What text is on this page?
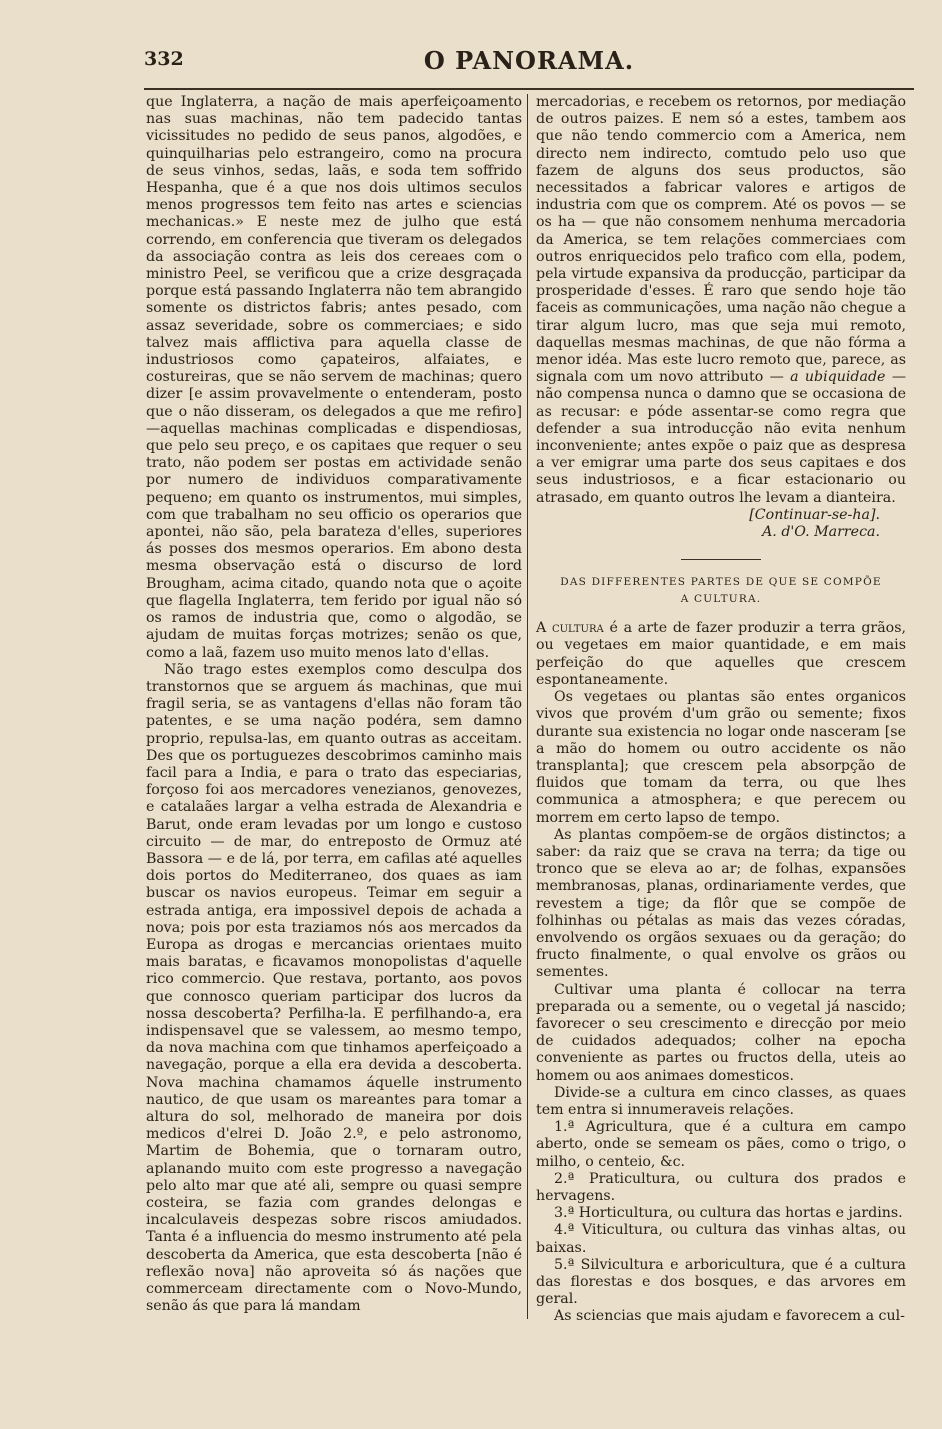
332	O PANORAMA.

que Inglaterra, a nação de mais aperfeiçoamento nas suas machinas, não tem padecido tantas vicissitudes no pedido de seus panos, algodões, e quinquilharias pelo estrangeiro, como na procura de seus vinhos, sedas, laãs, e soda tem soffrido Hespanha, que é a que nos dois ultimos seculos menos progressos tem feito nas artes e sciencias mechanicas.» E neste mez de julho que está correndo, em conferencia que tiveram os delegados da associação contra as leis dos cereaes com o ministro Peel, se verificou que a crize desgraçada porque está passando Inglaterra não tem abrangido somente os districtos fabris; antes pesado, com assaz severidade, sobre os commerciaes; e sido talvez mais afflictiva para aquella classe de industriosos como çapateiros, alfaiates, e costureiras, que se não servem de machinas; quero dizer [e assim provavelmente o entenderam, posto que o não disseram, os delegados a que me refiro]—aquellas machinas complicadas e dispendiosas, que pelo seu preço, e os capitaes que requer o seu trato, não podem ser postas em actividade senão por numero de individuos comparativamente pequeno; em quanto os instrumentos, mui simples, com que trabalham no seu officio os operarios que apontei, não são, pela barateza d'elles, superiores ás posses dos mesmos operarios. Em abono desta mesma observação está o discurso de lord Brougham, acima citado, quando nota que o açoite que flagella Inglaterra, tem ferido por igual não só os ramos de industria que, como o algodão, se ajudam de muitas forças motrizes; senão os que, como a laã, fazem uso muito menos lato d'ellas.

Não trago estes exemplos como desculpa dos transtornos que se arguem ás machinas, que mui fragil seria, se as vantagens d'ellas não foram tão patentes, e se uma nação podéra, sem damno proprio, repulsa-las, em quanto outras as acceitam. Des que os portuguezes descobrimos caminho mais facil para a India, e para o trato das especiarias, forçoso foi aos mercadores venezianos, genovezes, e catalaães largar a velha estrada de Alexandria e Barut, onde eram levadas por um longo e custoso circuito — de mar, do entreposto de Ormuz até Bassora — e de lá, por terra, em cafilas até aquelles dois portos do Mediterraneo, dos quaes as iam buscar os navios europeus. Teimar em seguir a estrada antiga, era impossivel depois de achada a nova; pois por esta traziamos nós aos mercados da Europa as drogas e mercancias orientaes muito mais baratas, e ficavamos monopolistas d'aquelle rico commercio. Que restava, portanto, aos povos que connosco queriam participar dos lucros da nossa descoberta? Perfilha-la. E perfilhando-a, era indispensavel que se valessem, ao mesmo tempo, da nova machina com que tinhamos aperfeiçoado a navegação, porque a ella era devida a descoberta. Nova machina chamamos áquelle instrumento nautico, de que usam os mareantes para tomar a altura do sol, melhorado de maneira por dois medicos d'elrei D. João 2.º, e pelo astronomo, Martim de Bohemia, que o tornaram outro, aplanando muito com este progresso a navegação pelo alto mar que até ali, sempre ou quasi sempre costeira, se fazia com grandes delongas e incalculaveis despezas sobre riscos amiudados. Tanta é a influencia do mesmo instrumento até pela descoberta da America, que esta descoberta [não é reflexão nova] não aproveita só ás nações que commerceam directamente com o Novo-Mundo, senão ás que para lá mandam

mercadorias, e recebem os retornos, por mediação de outros paizes. E nem só a estes, tambem aos que não tendo commercio com a America, nem directo nem indirecto, comtudo pelo uso que fazem de alguns dos seus productos, são necessitados a fabricar valores e artigos de industria com que os comprem. Até os povos — se os ha — que não consomem nenhuma mercadoria da America, se tem relações commerciaes com outros enriquecidos pelo trafico com ella, podem, pela virtude expansiva da producção, participar da prosperidade d'esses. É raro que sendo hoje tão faceis as communicações, uma nação não chegue a tirar algum lucro, mas que seja mui remoto, daquellas mesmas machinas, de que não fórma a menor idéa. Mas este lucro remoto que, parece, as signala com um novo attributo — a ubiquidade — não compensa nunca o damno que se occasiona de as recusar: e póde assentar-se como regra que defender a sua introducção não evita nenhum inconveniente; antes expõe o paiz que as despresa a ver emigrar uma parte dos seus capitaes e dos seus industriosos, e a ficar estacionario ou atrasado, em quanto outros lhe levam a dianteira.

[Continuar-se-ha].

A. d'O. Marreca.

DAS DIFFERENTES PARTES DE QUE SE COMPÕE
A CULTURA.

A cultura é a arte de fazer produzir a terra grãos, ou vegetaes em maior quantidade, e em mais perfeição do que aquelles que crescem espontaneamente.

Os vegetaes ou plantas são entes organicos vivos que provém d'um grão ou semente; fixos durante sua existencia no logar onde nasceram [se a mão do homem ou outro accidente os não transplanta]; que crescem pela absorpção de fluidos que tomam da terra, ou que lhes communica a atmosphera; e que perecem ou morrem em certo lapso de tempo.

As plantas compõem-se de orgãos distinctos; a saber: da raiz que se crava na terra; da tige ou tronco que se eleva ao ar; de folhas, expansões membranosas, planas, ordinariamente verdes, que revestem a tige; da flôr que se compõe de folhinhas ou pétalas as mais das vezes córadas, envolvendo os orgãos sexuaes ou da geração; do fructo finalmente, o qual envolve os grãos ou sementes.

Cultivar uma planta é collocar na terra preparada ou a semente, ou o vegetal já nascido; favorecer o seu crescimento e direcção por meio de cuidados adequados; colher na epocha conveniente as partes ou fructos della, uteis ao homem ou aos animaes domesticos.

Divide-se a cultura em cinco classes, as quaes tem entra si innumeraveis relações.

1.ª Agricultura, que é a cultura em campo aberto, onde se semeam os pães, como o trigo, o milho, o centeio, &c.

2.ª Praticultura, ou cultura dos prados e hervagens.

3.ª Horticultura, ou cultura das hortas e jardins.

4.ª Viticultura, ou cultura das vinhas altas, ou baixas.

5.ª Silvicultura e arboricultura, que é a cultura das florestas e dos bosques, e das arvores em geral.

As sciencias que mais ajudam e favorecem a cul-
